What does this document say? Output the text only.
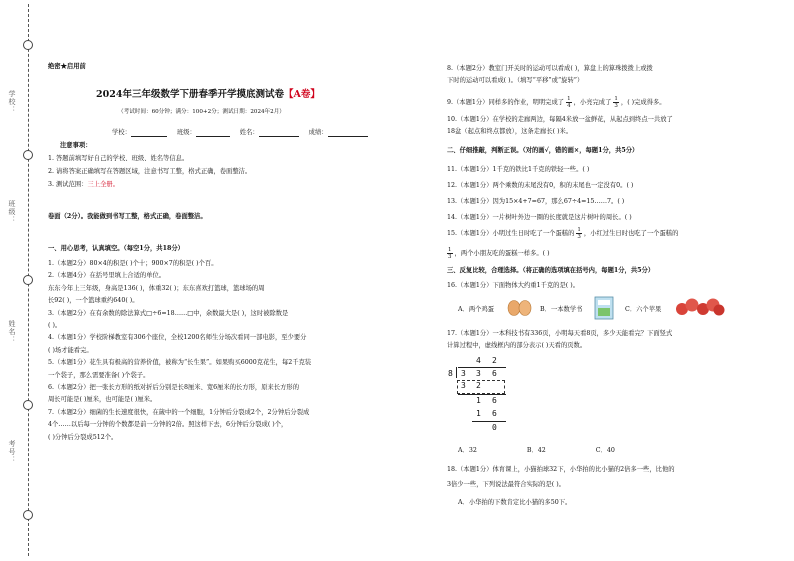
学校：
班级：
姓名：
考号：
绝密★启用前
2024年三年级数学下册春季开学摸底测试卷【A卷】
（考试时间：60分钟；满分：100+2分；测试日期：2024年2月）
学校：	班级：	姓名：	成绩：
注意事项：
1. 答题前填写好自己的学校、班级、姓名等信息。
2. 请将答案正确填写在答题区域，注意书写工整，格式正确，卷面整洁。
3. 测试范围：三上全册。
卷面（2分）。我能做到书写工整，格式正确，卷面整洁。
一、用心思考，认真填空。（每空1分，共18分）
1.（本题2分）80×4的积是( )个十；900×7的积是( )个百。
2.（本题4分）在括号里填上合适的单位。
东东今年上三年级，身高是136( )，体重32( )；东东喜欢打篮球，篮球场的周
长92( )，一个篮球重约640( )。
3.（本题2分）在有余数的除法算式□÷6=18……□中，余数最大是( )，这时被除数是
( )。
4.（本题1分）学校阶梯教室有306个座位，全校1200名师生分场次看同一部电影，至少要分
( )场才能看完。
5.（本题1分）花生具有极高的营养价值，被称为“长生果”。如果购买6000克花生，每2千克装
一个袋子，那么需要准备( )个袋子。
6.（本题2分）把一张长方形的纸对折后分别是长8厘米、宽6厘米的长方形，原来长方形的
周长可能是( )厘米，也可能是( )厘米。
7.（本题2分）细菌的生长速度很快，在箴中的一个细胞，1分钟后分裂成2个，2分钟后分裂成
4个……以后每一分钟的个数都是前一分钟的2倍。照这样下去，6分钟后分裂成( )个，
( )分钟后分裂成512个。
8.（本题2分）教室门开关时的运动可以看成( )，算盘上的算珠拨拨上或拨
下时的运动可以看成( )。（填写“平移”或“旋转”）
9.（本题1分）同样多的作业，明明完成了 $\frac{1}{4}$ ，小亮完成了 $\frac{1}{3}$ ，( )完成得多。
10.（本题1分）在学校的走廊两边，每隔4米放一盆鲜花，从起点到终点一共放了
18盆（起点和终点都放），这条走廊长( )米。
二、仔细推敲，判断正误。（对的画√，错的画×，每题1分，共5分）
11.（本题1分）1千克的铁比1千克的铁轻一些。( )
12.（本题1分）两个乘数的末尾没有0，积的末尾也一定没有0。( )
13.（本题1分）因为15×4+7=67，那么67÷4=15……7。( )
14.（本题1分）一片树叶外边一圈的长度就是这片树叶的周长。( )
15.（本题1分）小明过生日时吃了一个蛋糕的 $\frac{1}{3}$ ，小红过生日时也吃了一个蛋糕的
$\frac{1}{3}$ ，两个小朋友吃的蛋糕一样多。( )
三、反复比较，合理选择。（将正确的选项填在括号内，每题1分，共5分）
16.（本题1分）下面物体大约重1千克的是( )。
A．两个鸡蛋	B．一本数学书	C．六个苹果
17.（本题1分）一本科技书有336页，小明每天看8页，多少天能看完？下面竖式
计算过程中，虚线框内的部分表示( )天看的页数。
4 2
8 3 3 6
3 2
1 6
1 6
0
A．32	B．42	C．40
18.（本题1分）体育课上，小猫拍球32下，小华拍的比小猫的2倍多一些，比他的
3倍少一些，下列说法最符合实际的是( )。
A．小华拍的下数肯定比小猫的多50下。
